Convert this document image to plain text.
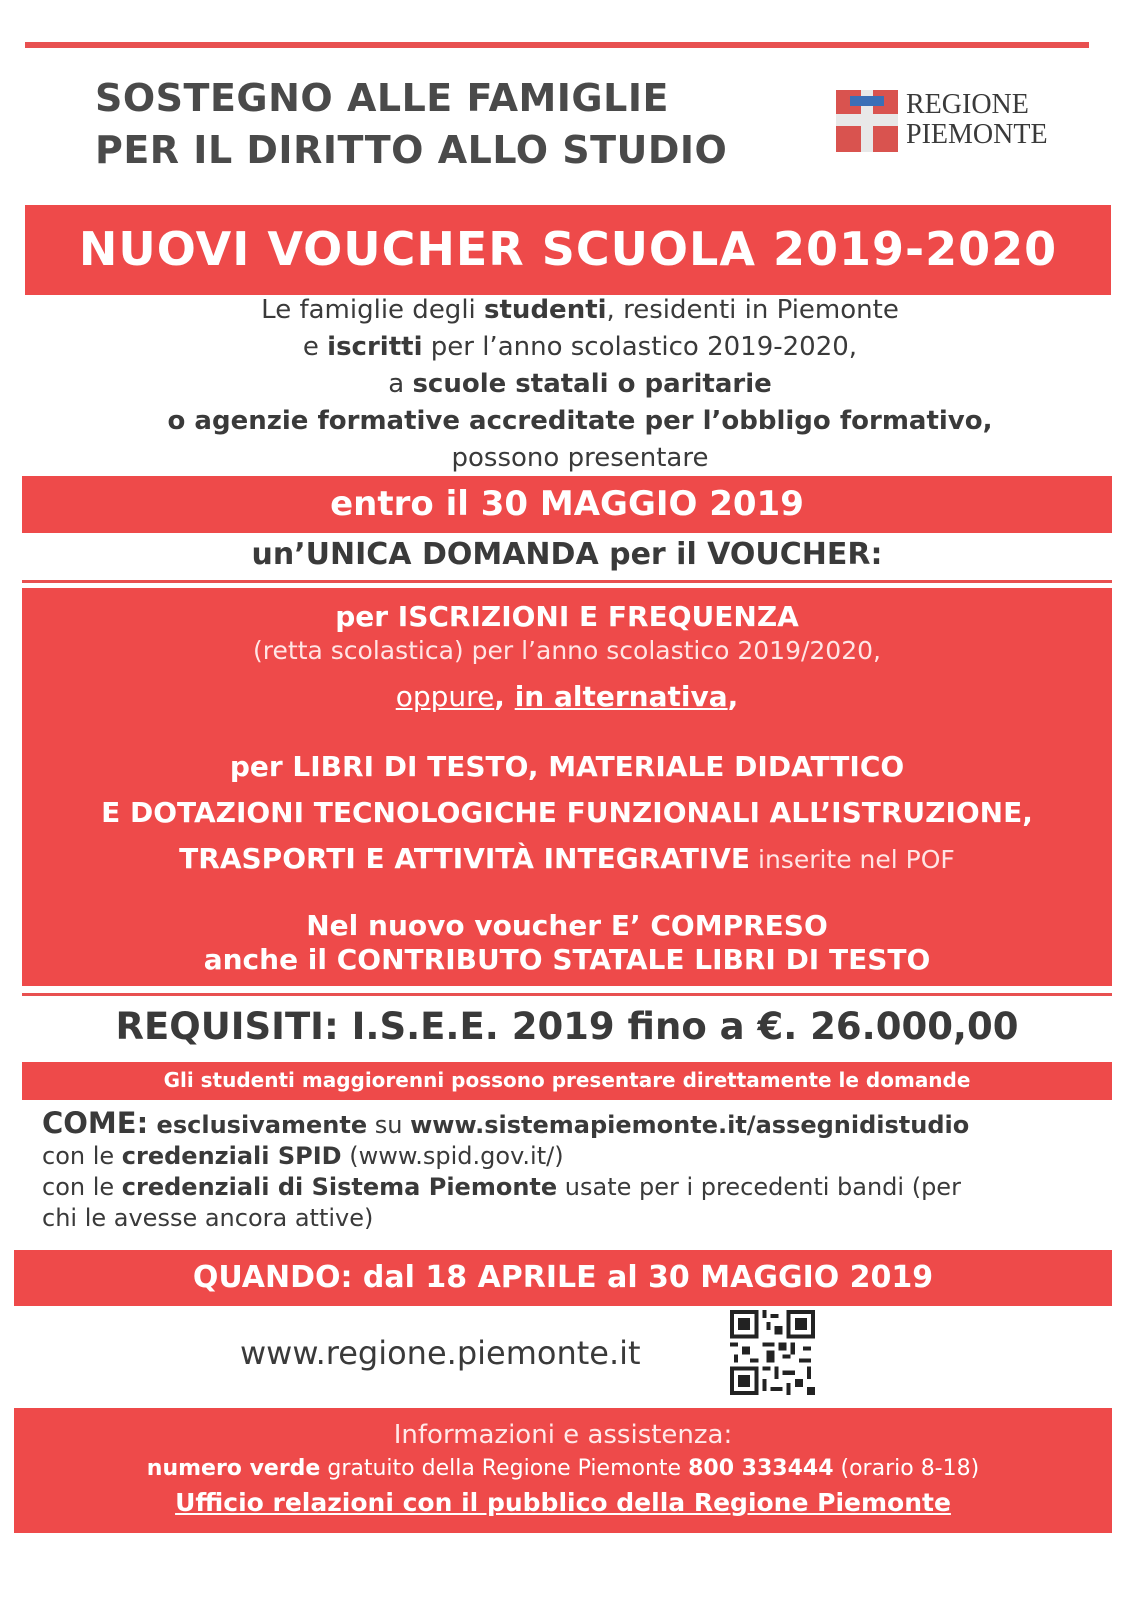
SOSTEGNO ALLE FAMIGLIE
PER IL DIRITTO ALLO STUDIO
REGIONE
PIEMONTE
NUOVI VOUCHER SCUOLA 2019-2020
Le famiglie degli studenti, residenti in Piemonte
e iscritti per l’anno scolastico 2019-2020,
a scuole statali o paritarie
o agenzie formative accreditate per l’obbligo formativo,
possono presentare
entro il 30 MAGGIO 2019
un’UNICA DOMANDA per il VOUCHER:
per ISCRIZIONI E FREQUENZA
(retta scolastica) per l’anno scolastico 2019/2020,
oppure, in alternativa,
per LIBRI DI TESTO, MATERIALE DIDATTICO
E DOTAZIONI TECNOLOGICHE FUNZIONALI ALL’ISTRUZIONE,
TRASPORTI E ATTIVITÀ INTEGRATIVE inserite nel POF
Nel nuovo voucher E’ COMPRESO
anche il CONTRIBUTO STATALE LIBRI DI TESTO
REQUISITI: I.S.E.E. 2019 fino a €. 26.000,00
Gli studenti maggiorenni possono presentare direttamente le domande
COME: esclusivamente su www.sistemapiemonte.it/assegnidistudio
con le credenziali SPID (www.spid.gov.it/)
con le credenziali di Sistema Piemonte usate per i precedenti bandi (per
chi le avesse ancora attive)
QUANDO: dal 18 APRILE al 30 MAGGIO 2019
www.regione.piemonte.it
Informazioni e assistenza:
numero verde gratuito della Regione Piemonte 800 333444 (orario 8-18)
Ufficio relazioni con il pubblico della Regione Piemonte
